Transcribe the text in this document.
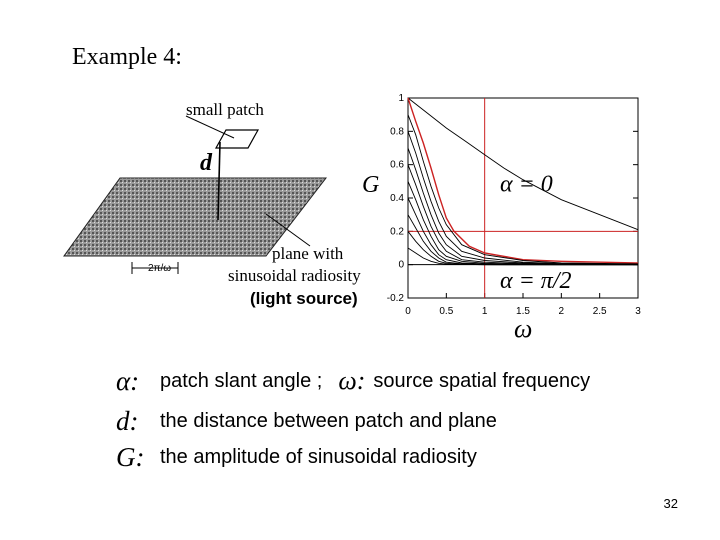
Example 4:
small patch
d
2π/ω
plane with
sinusoidal radiosity
(light source)
G
ω
1
0.8
0.6
0.4
0.2
0
-0.2
0	0.5	1	1.5	2	2.5	3
α = 0
α = π/2
α:	patch slant angle ; ω: source spatial frequency
d:	the distance between patch and plane
G: the amplitude of sinusoidal radiosity
32
